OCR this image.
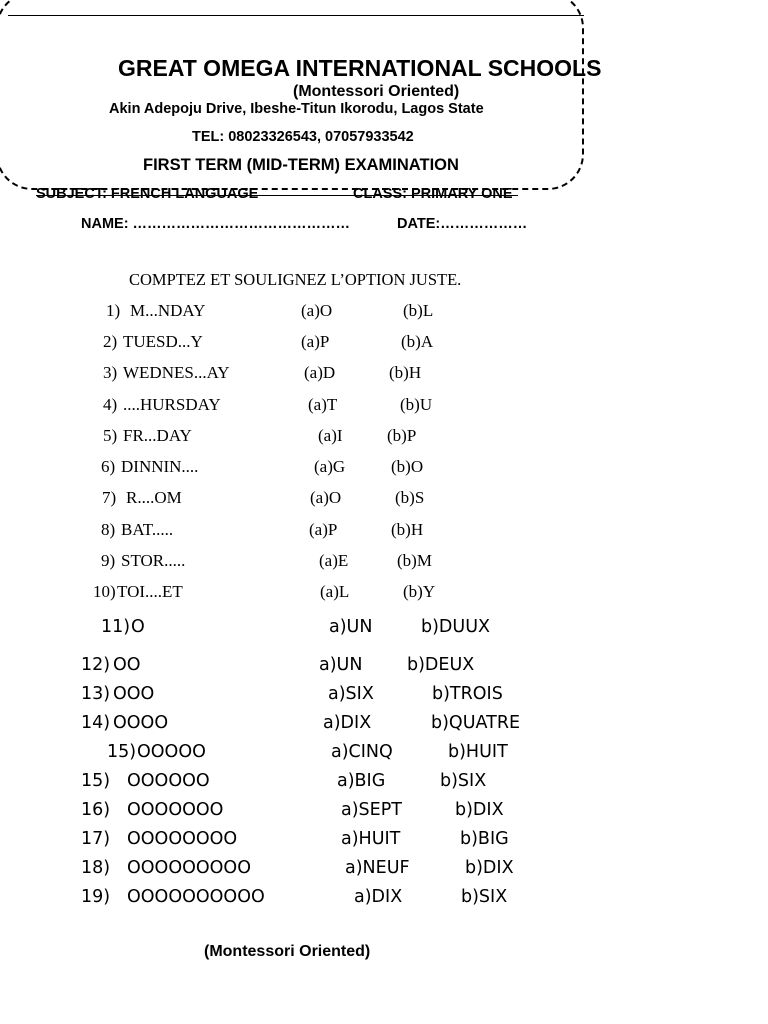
GREAT OMEGA INTERNATIONAL SCHOOLS
(Montessori Oriented)
Akin Adepoju Drive, Ibeshe-Titun Ikorodu, Lagos State
TEL: 08023326543, 07057933542
FIRST TERM (MID-TERM) EXAMINATION
SUBJECT: FRENCH LANGUAGE	CLASS: PRIMARY ONE
NAME: ………………………………………	DATE:………………
COMPTEZ ET SOULIGNEZ L’OPTION JUSTE.
1) M...NDAY	(a)O	(b)L
2) TUESD...Y	(a)P	(b)A
3) WEDNES...AY	(a)D	(b)H
4) ....HURSDAY	(a)T	(b)U
5) FR...DAY	(a)I	(b)P
6) DINNIN....	(a)G	(b)O
7) R....OM	(a)O	(b)S
8) BAT.....	(a)P	(b)H
9) STOR.....	(a)E	(b)M
10) TOI....ET	(a)L	(b)Y
11) O	a)UN	b)DUUX
12) OO	a)UN	b)DEUX
13) OOO	a)SIX	b)TROIS
14) OOOO	a)DIX	b)QUATRE
15) OOOOO	a)CINQ	b)HUIT
15) OOOOOO	a)BIG	b)SIX
16) OOOOOOO	a)SEPT	b)DIX
17) OOOOOOOO	a)HUIT	b)BIG
18) OOOOOOOOO	a)NEUF	b)DIX
19) OOOOOOOOOO	a)DIX	b)SIX
(Montessori Oriented)
